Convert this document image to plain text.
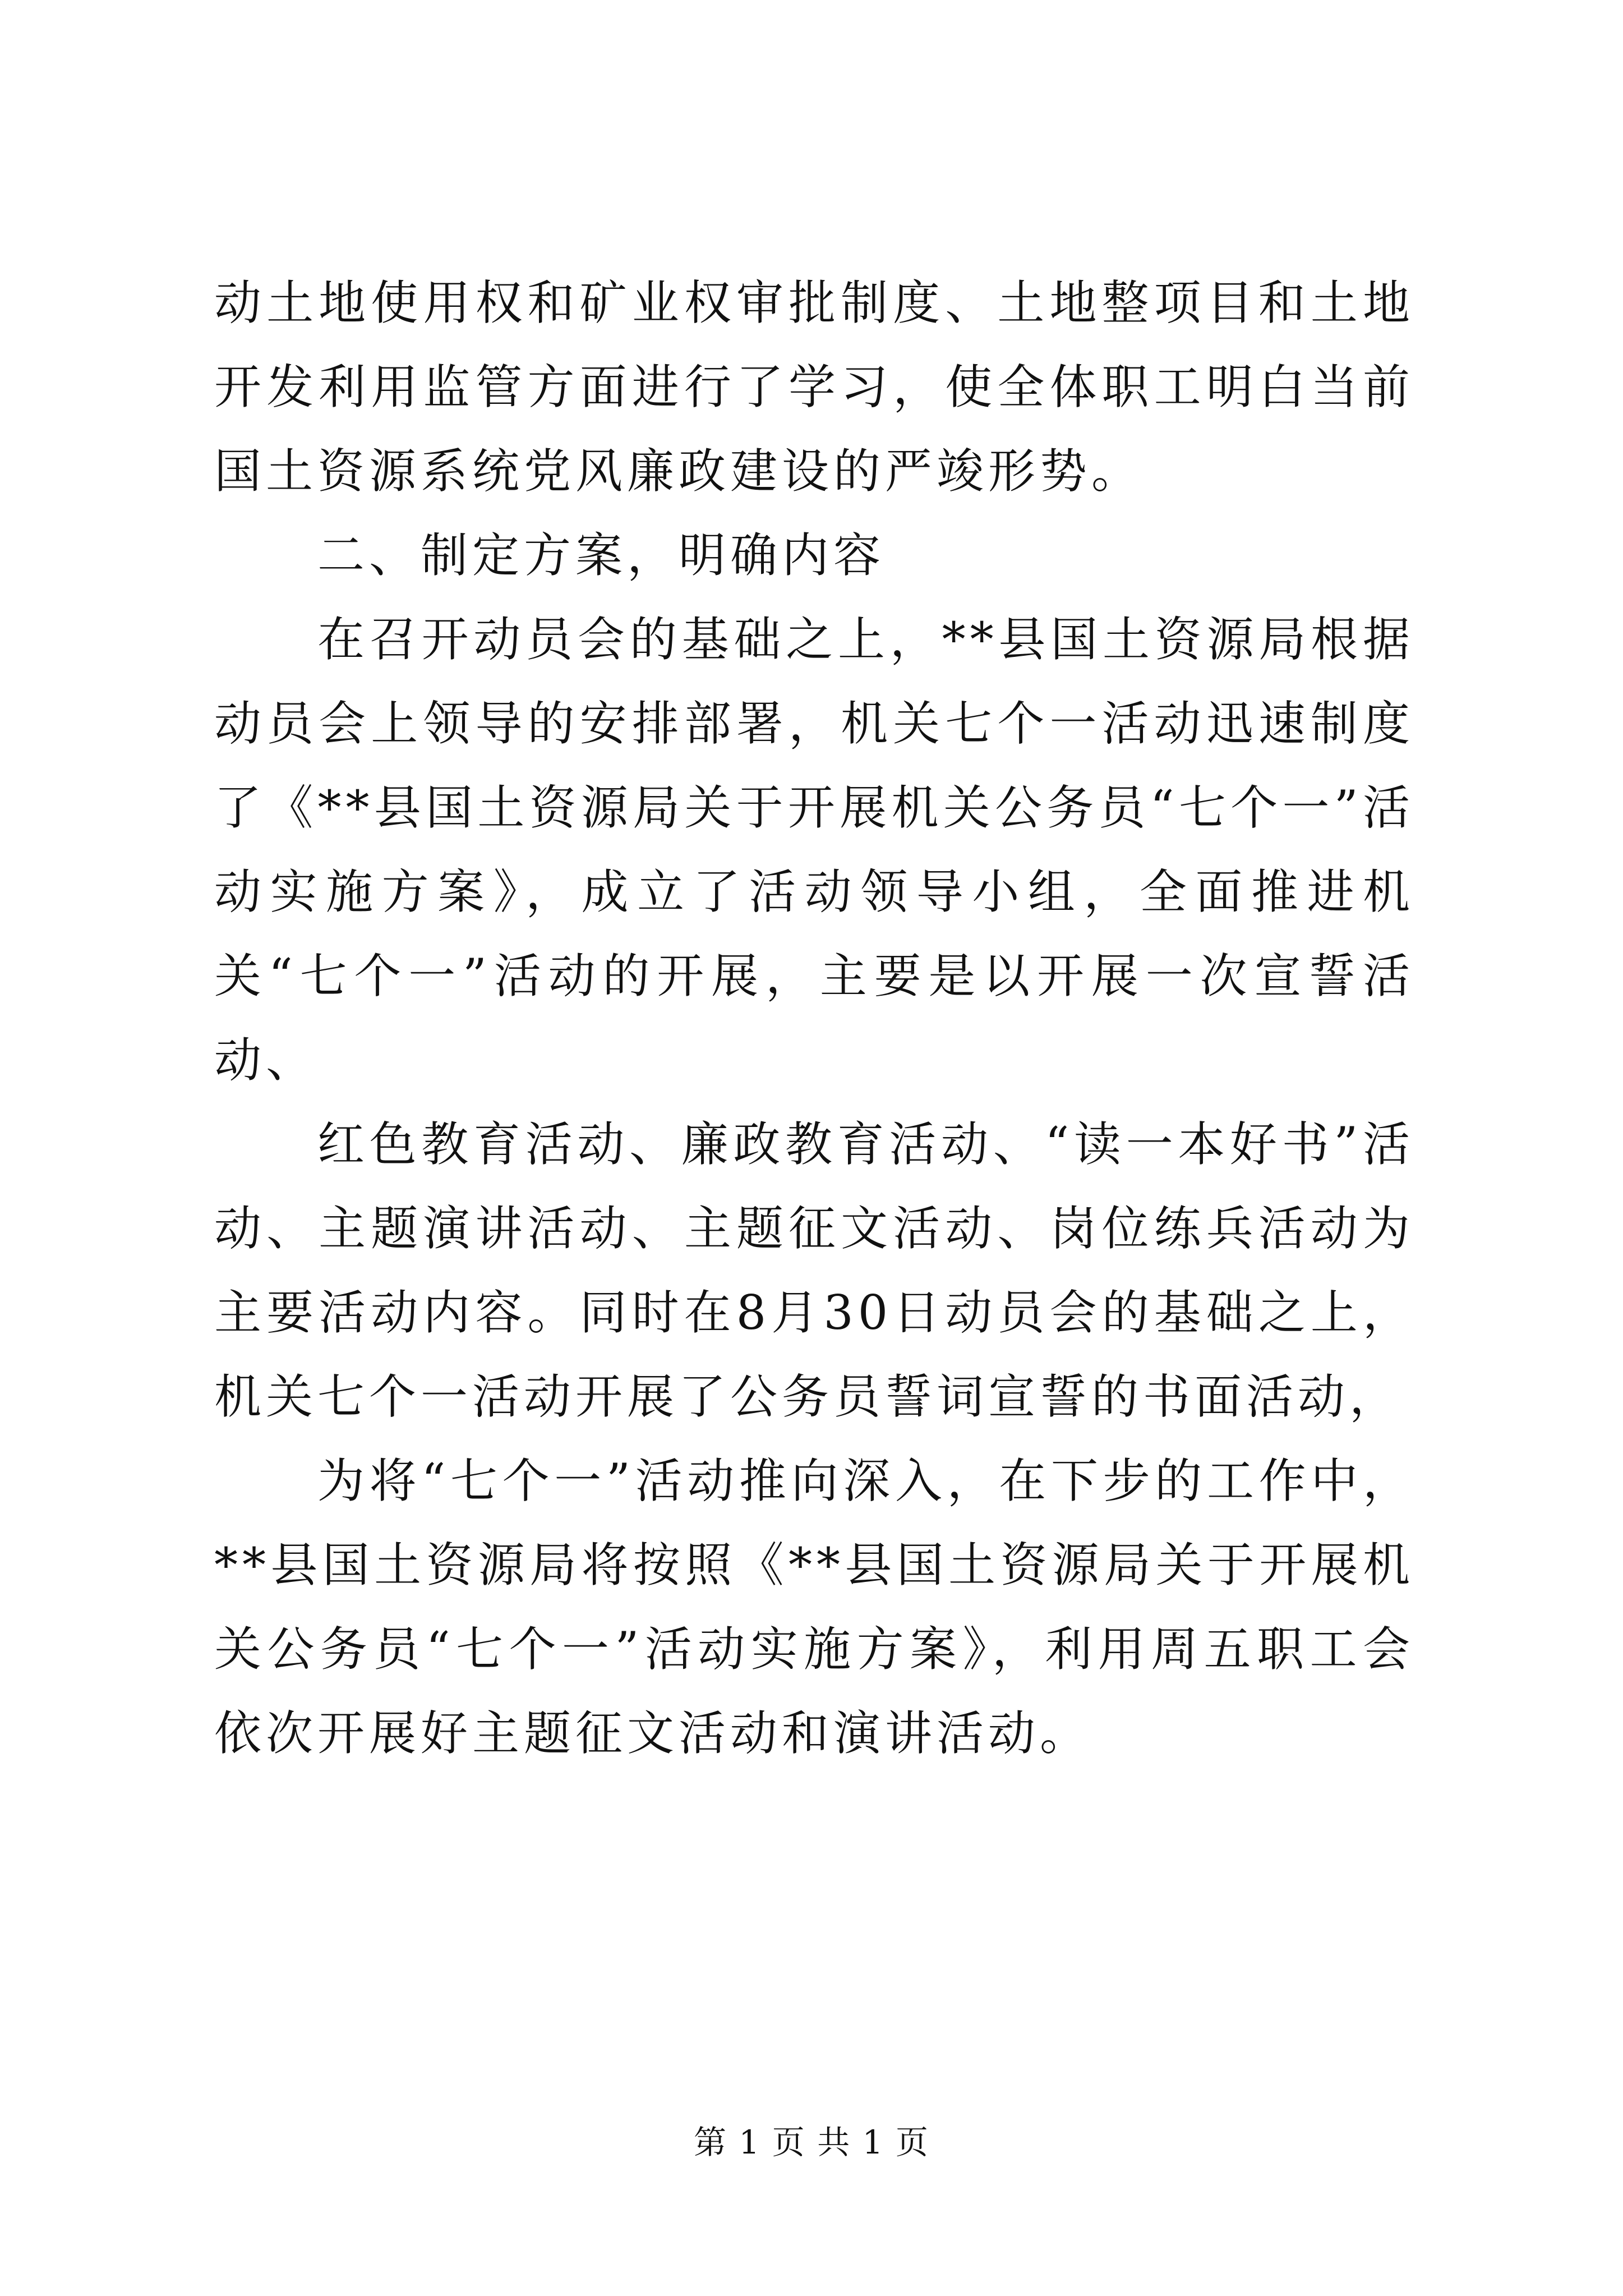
动土地使用权和矿业权审批制度、土地整项目和土地开发利用监管方面进行了学习，使全体职工明白当前国土资源系统党风廉政建设的严竣形势。

二、制定方案，明确内容

在召开动员会的基础之上，**县国土资源局根据动员会上领导的安排部署，机关七个一活动迅速制度了《**县国土资源局关于开展机关公务员“七个一”活动实施方案》，成立了活动领导小组，全面推进机关“七个一”活动的开展，主要是以开展一次宣誓活动、

红色教育活动、廉政教育活动、“读一本好书”活动、主题演讲活动、主题征文活动、岗位练兵活动为主要活动内容。同时在8月30日动员会的基础之上，机关七个一活动开展了公务员誓词宣誓的书面活动，

为将“七个一”活动推向深入，在下步的工作中，**县国土资源局将按照《**县国土资源局关于开展机关公务员“七个一”活动实施方案》，利用周五职工会依次开展好主题征文活动和演讲活动。

第 1 页 共 1 页
